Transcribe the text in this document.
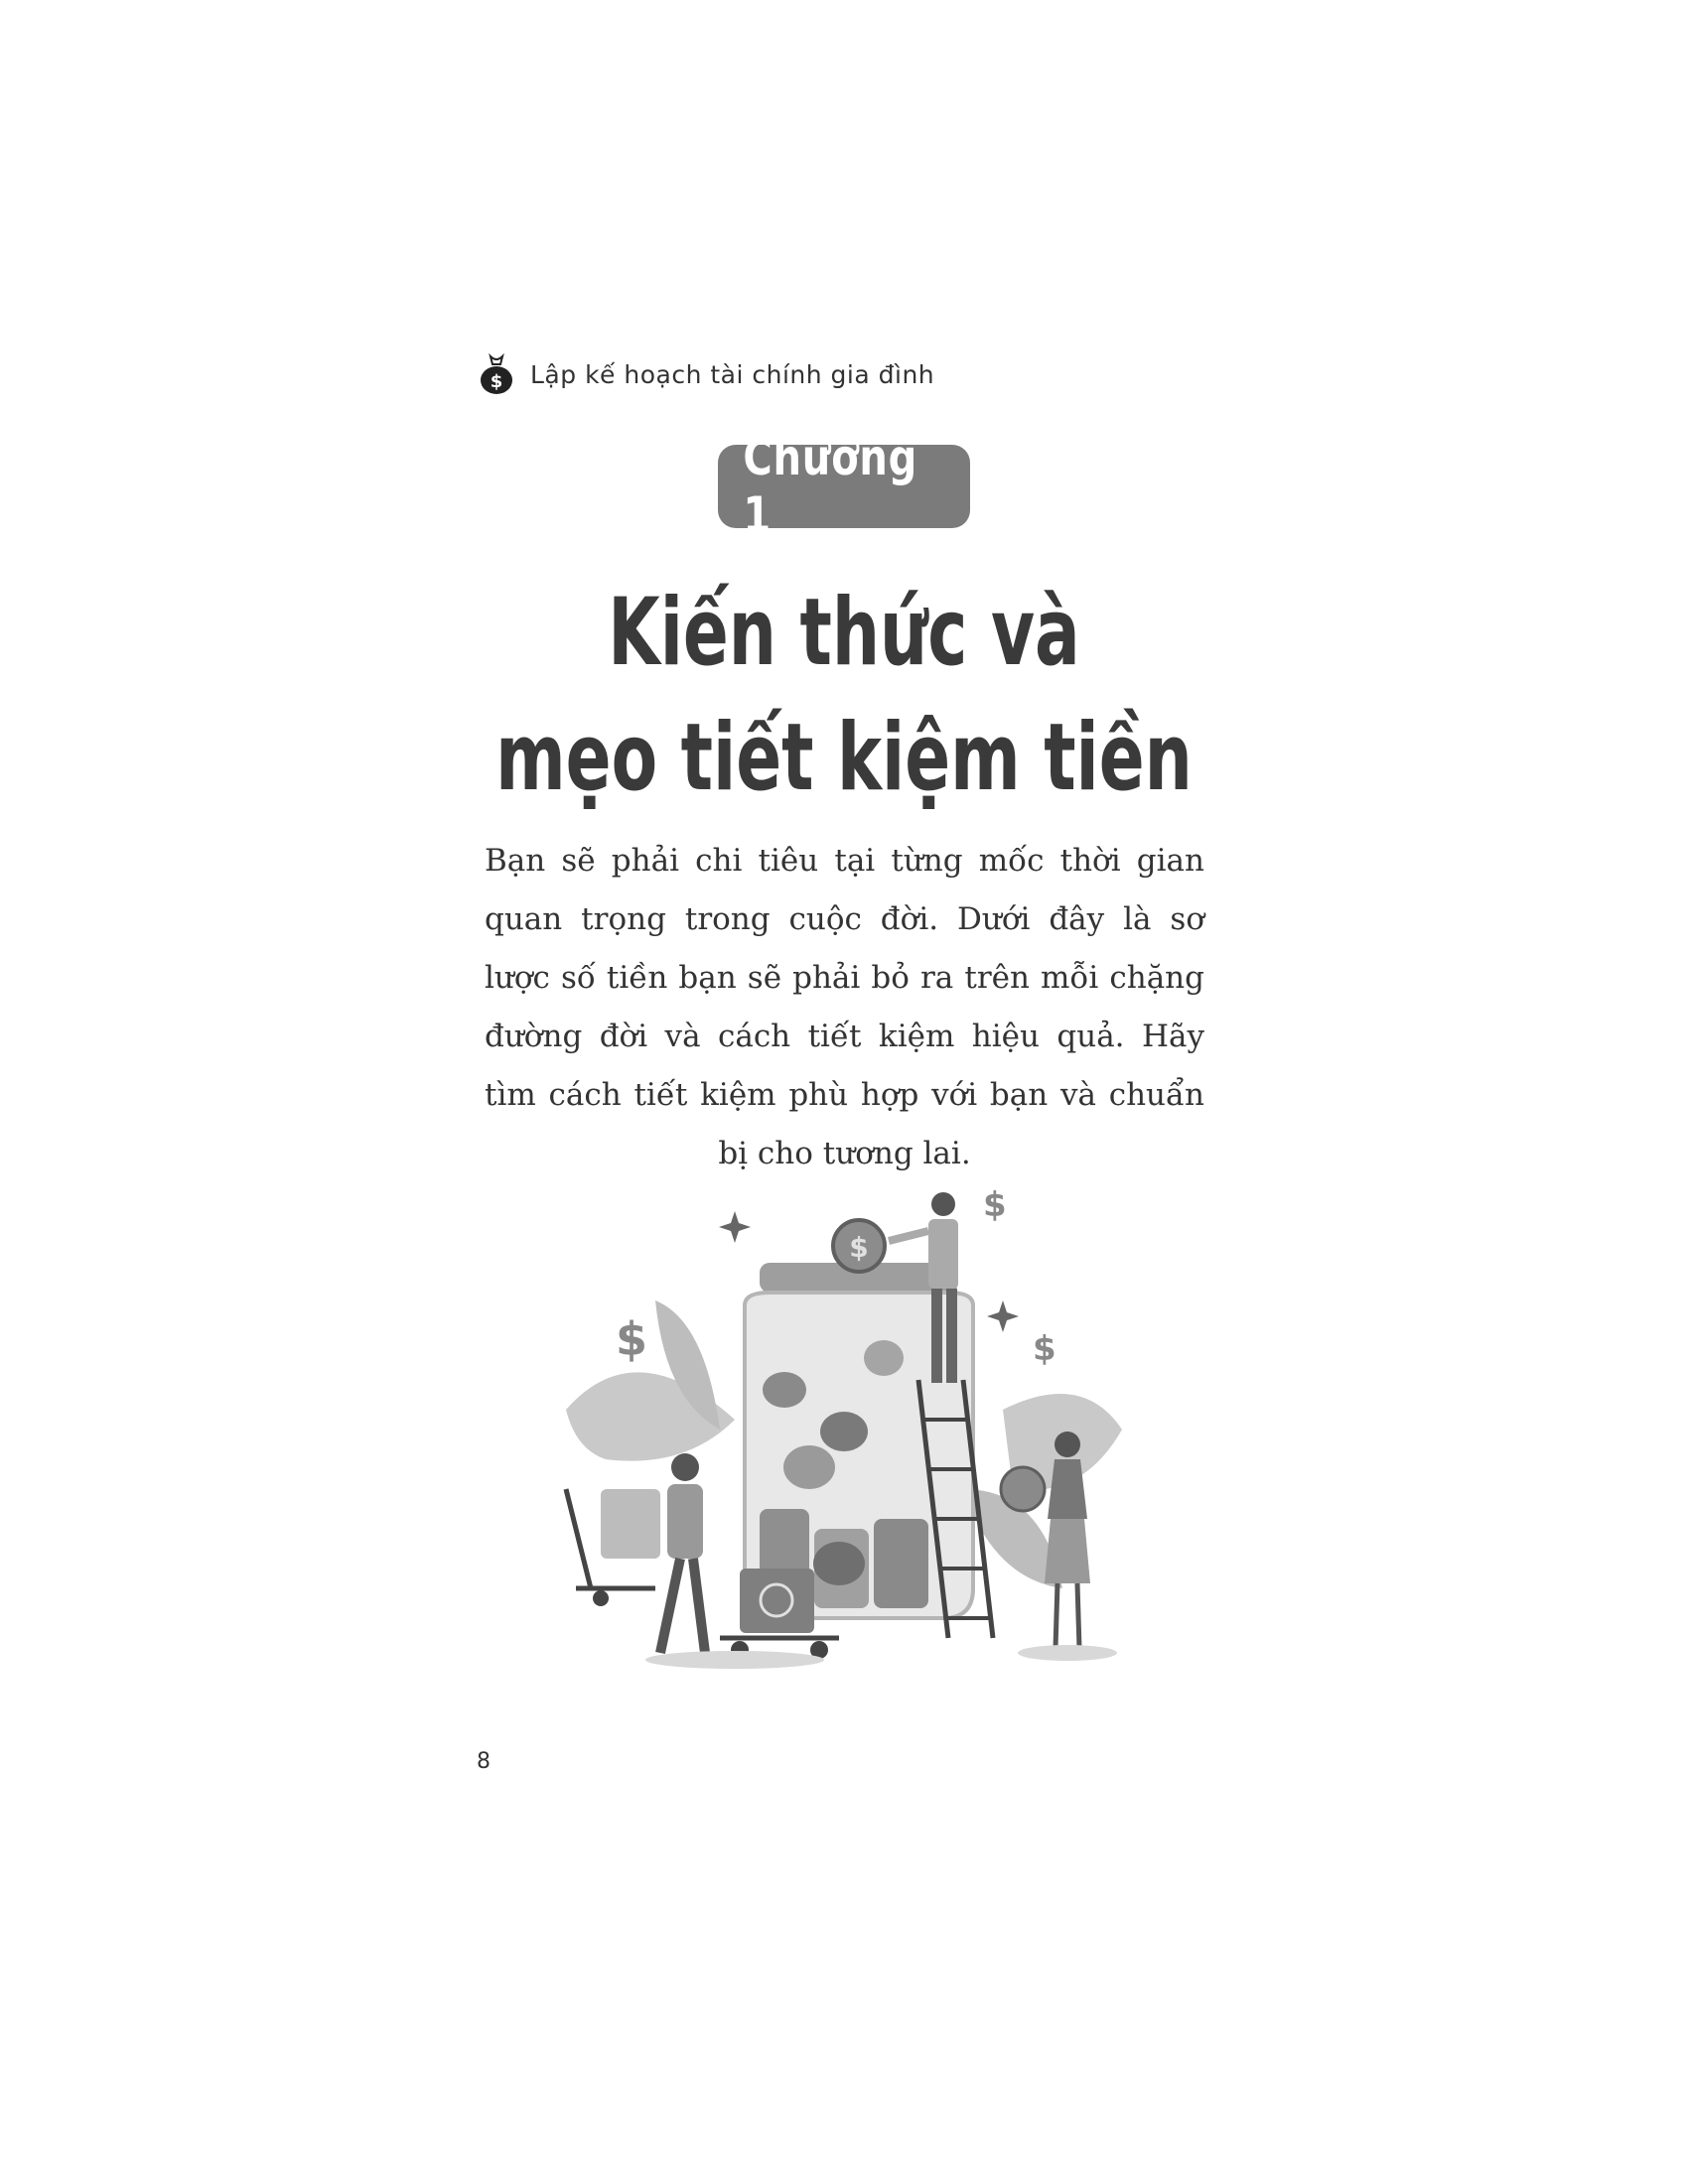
$ Lập kế hoạch tài chính gia đình
Chương 1
Kiến thức và
mẹo tiết kiệm tiền
Bạn sẽ phải chi tiêu tại từng mốc thời gian quan trọng trong cuộc đời. Dưới đây là sơ lược số tiền bạn sẽ phải bỏ ra trên mỗi chặng đường đời và cách tiết kiệm hiệu quả. Hãy tìm cách tiết kiệm phù hợp với bạn và chuẩn bị cho tương lai.
$
$
$
$
8
